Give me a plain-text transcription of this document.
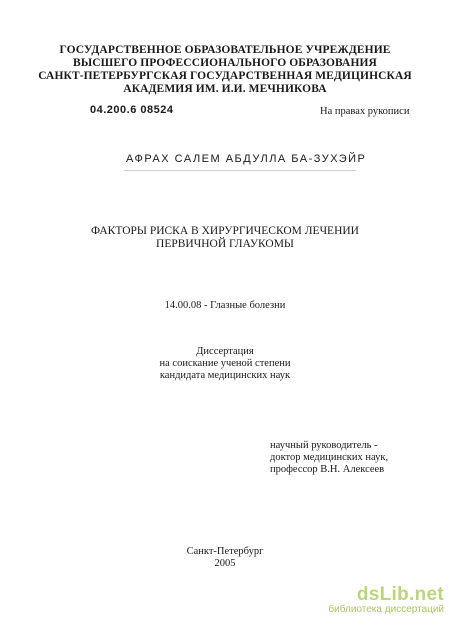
ГОСУДАРСТВЕННОЕ ОБРАЗОВАТЕЛЬНОЕ УЧРЕЖДЕНИЕ
ВЫСШЕГО ПРОФЕССИОНАЛЬНОГО ОБРАЗОВАНИЯ
САНКТ-ПЕТЕРБУРГСКАЯ ГОСУДАРСТВЕННАЯ МЕДИЦИНСКАЯ
АКАДЕМИЯ ИМ. И.И. МЕЧНИКОВА
04.200.6 08524	На правах рукописи
АФРАХ САЛЕМ АБДУЛЛА БА-ЗУХЭЙР
ФАКТОРЫ РИСКА В ХИРУРГИЧЕСКОМ ЛЕЧЕНИИ
ПЕРВИЧНОЙ ГЛАУКОМЫ
14.00.08 - Глазные болезни
Диссертация
на соискание ученой степени
кандидата медицинских наук
научный руководитель -
доктор медицинских наук,
профессор В.Н. Алексеев
Санкт-Петербург
2005
dsLib.net
библиотека диссертаций
